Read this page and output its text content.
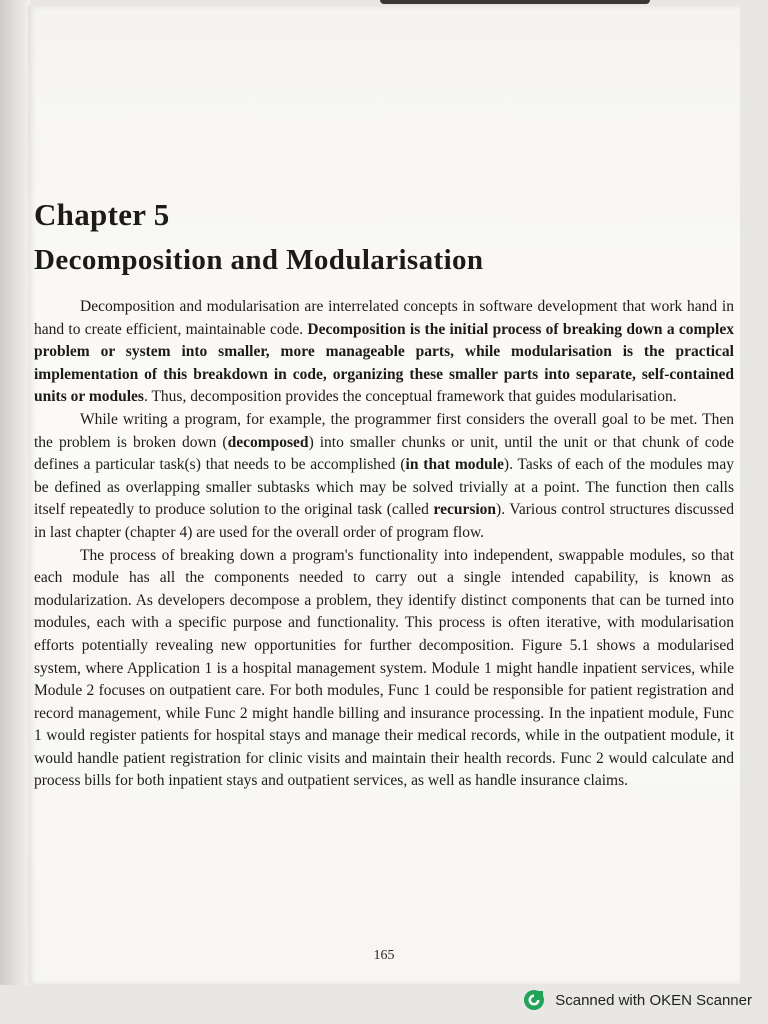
Chapter 5
Decomposition and Modularisation

Decomposition and modularisation are interrelated concepts in software development that work hand in hand to create efficient, maintainable code. Decomposition is the initial process of breaking down a complex problem or system into smaller, more manageable parts, while modularisation is the practical implementation of this breakdown in code, organizing these smaller parts into separate, self-contained units or modules. Thus, decomposition provides the conceptual framework that guides modularisation.

While writing a program, for example, the programmer first considers the overall goal to be met. Then the problem is broken down (decomposed) into smaller chunks or unit, until the unit or that chunk of code defines a particular task(s) that needs to be accomplished (in that module). Tasks of each of the modules may be defined as overlapping smaller subtasks which may be solved trivially at a point. The function then calls itself repeatedly to produce solution to the original task (called recursion). Various control structures discussed in last chapter (chapter 4) are used for the overall order of program flow.

The process of breaking down a program's functionality into independent, swappable modules, so that each module has all the components needed to carry out a single intended capability, is known as modularization. As developers decompose a problem, they identify distinct components that can be turned into modules, each with a specific purpose and functionality. This process is often iterative, with modularisation efforts potentially revealing new opportunities for further decomposition. Figure 5.1 shows a modularised system, where Application 1 is a hospital management system. Module 1 might handle inpatient services, while Module 2 focuses on outpatient care. For both modules, Func 1 could be responsible for patient registration and record management, while Func 2 might handle billing and insurance processing. In the inpatient module, Func 1 would register patients for hospital stays and manage their medical records, while in the outpatient module, it would handle patient registration for clinic visits and maintain their health records. Func 2 would calculate and process bills for both inpatient stays and outpatient services, as well as handle insurance claims.

165
Scanned with OKEN Scanner
